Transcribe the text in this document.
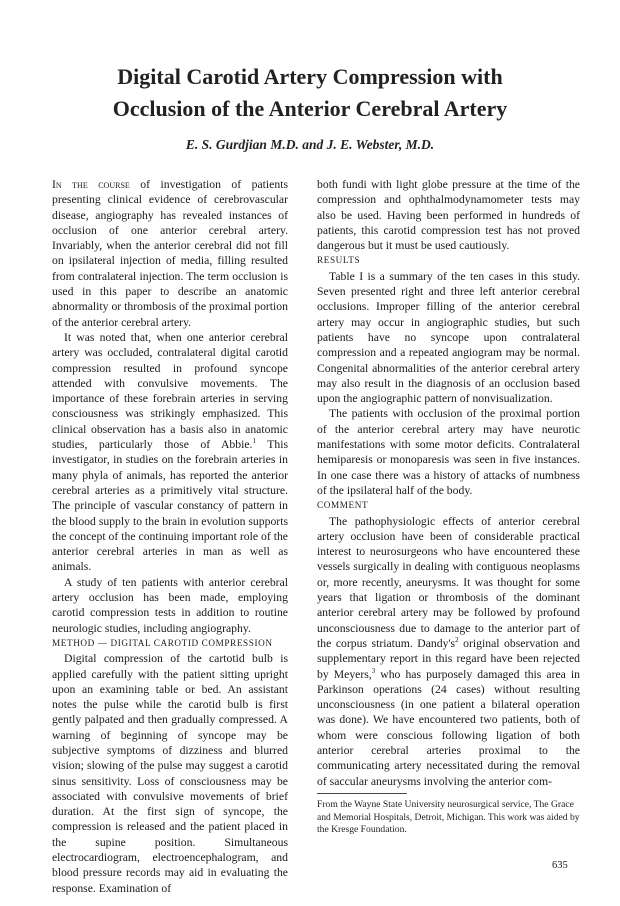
Digital Carotid Artery Compression with
Occlusion of the Anterior Cerebral Artery
E. S. Gurdjian M.D. and J. E. Webster, M.D.

In the course of investigation of patients presenting clinical evidence of cerebrovascular disease, angiography has revealed instances of occlusion of one anterior cerebral artery. Invariably, when the anterior cerebral did not fill on ipsilateral injection of media, filling resulted from contralateral injection. The term occlusion is used in this paper to describe an anatomic abnormality or thrombosis of the proximal portion of the anterior cerebral artery.

It was noted that, when one anterior cerebral artery was occluded, contralateral digital carotid compression resulted in profound syncope attended with convulsive movements. The importance of these forebrain arteries in serving consciousness was strikingly emphasized. This clinical observation has a basis also in anatomic studies, particularly those of Abbie.$^1$ This investigator, in studies on the forebrain arteries in many phyla of animals, has reported the anterior cerebral arteries as a primitively vital structure. The principle of vascular constancy of pattern in the blood supply to the brain in evolution supports the concept of the continuing important role of the anterior cerebral arteries in man as well as animals.

A study of ten patients with anterior cerebral artery occlusion has been made, employing carotid compression tests in addition to routine neurologic studies, including angiography.

METHOD — DIGITAL CAROTID COMPRESSION

Digital compression of the cartotid bulb is applied carefully with the patient sitting upright upon an examining table or bed. An assistant notes the pulse while the carotid bulb is first gently palpated and then gradually compressed. A warning of beginning of syncope may be subjective symptoms of dizziness and blurred vision; slowing of the pulse may suggest a carotid sinus sensitivity. Loss of consciousness may be associated with convulsive movements of brief duration. At the first sign of syncope, the compression is released and the patient placed in the supine position. Simultaneous electrocardiogram, electroencephalogram, and blood pressure records may aid in evaluating the response. Examination of

both fundi with light globe pressure at the time of the compression and ophthalmodynamometer tests may also be used. Having been performed in hundreds of patients, this carotid compression test has not proved dangerous but it must be used cautiously.

RESULTS

Table I is a summary of the ten cases in this study. Seven presented right and three left anterior cerebral occlusions. Improper filling of the anterior cerebral artery may occur in angiographic studies, but such patients have no syncope upon contralateral compression and a repeated angiogram may be normal. Congenital abnormalities of the anterior cerebral artery may also result in the diagnosis of an occlusion based upon the angiographic pattern of nonvisualization.

The patients with occlusion of the proximal portion of the anterior cerebral artery may have neurotic manifestations with some motor deficits. Contralateral hemiparesis or monoparesis was seen in five instances. In one case there was a history of attacks of numbness of the ipsilateral half of the body.

COMMENT

The pathophysiologic effects of anterior cerebral artery occlusion have been of considerable practical interest to neurosurgeons who have encountered these vessels surgically in dealing with contiguous neoplasms or, more recently, aneurysms. It was thought for some years that ligation or thrombosis of the dominant anterior cerebral artery may be followed by profound unconsciousness due to damage to the anterior part of the corpus striatum. $Dandy's^2$ original observation and supplementary report in this regard have been rejected by Meyers,$^3$ who has purposely damaged this area in Parkinson operations (24 cases) without resulting unconsciousness (in one patient a bilateral operation was done). We have encountered two patients, both of whom were conscious following ligation of both anterior cerebral arteries proximal to the communicating artery necessitated during the removal of saccular aneurysms involving the anterior com-

From the Wayne State University neurosurgical service, The Grace and Memorial Hospitals, Detroit, Michigan. This work was aided by the Kresge Foundation.
635
